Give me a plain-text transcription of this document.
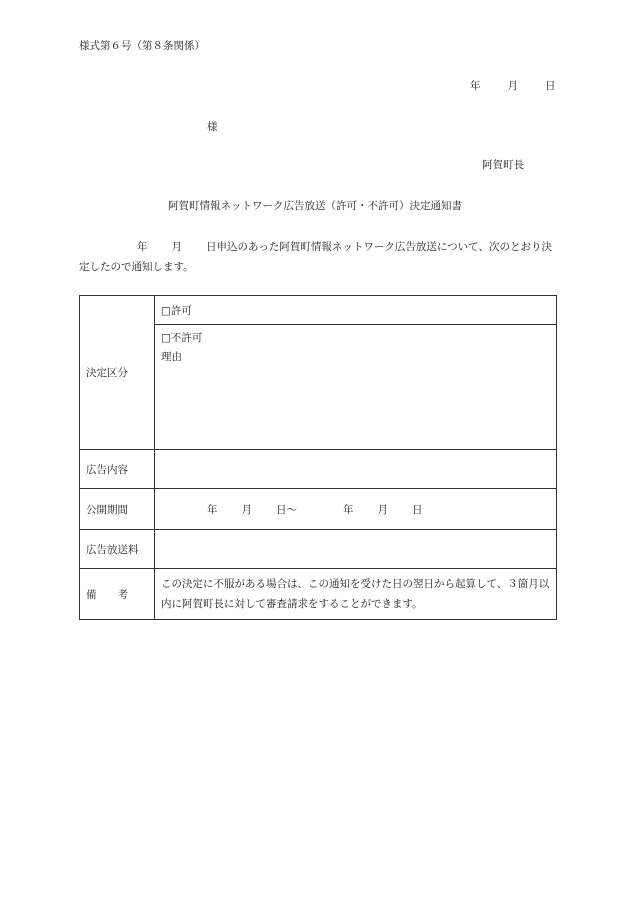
様式第６号（第８条関係）
年	月	日
様
阿賀町長
阿賀町情報ネットワーク広告放送（許可・不許可）決定通知書
年 月 日申込のあった阿賀町情報ネットワーク広告放送について、次のとおり決定したので通知します。
決定区分	□許可

	□不許可
理由

広告内容	
公開期間	年 月 日～ 年 月 日
広告放送料	
備　　考	この決定に不服がある場合は、この通知を受けた日の翌日から起算して、３箇月以内に阿賀町長に対して審査請求をすることができます。
